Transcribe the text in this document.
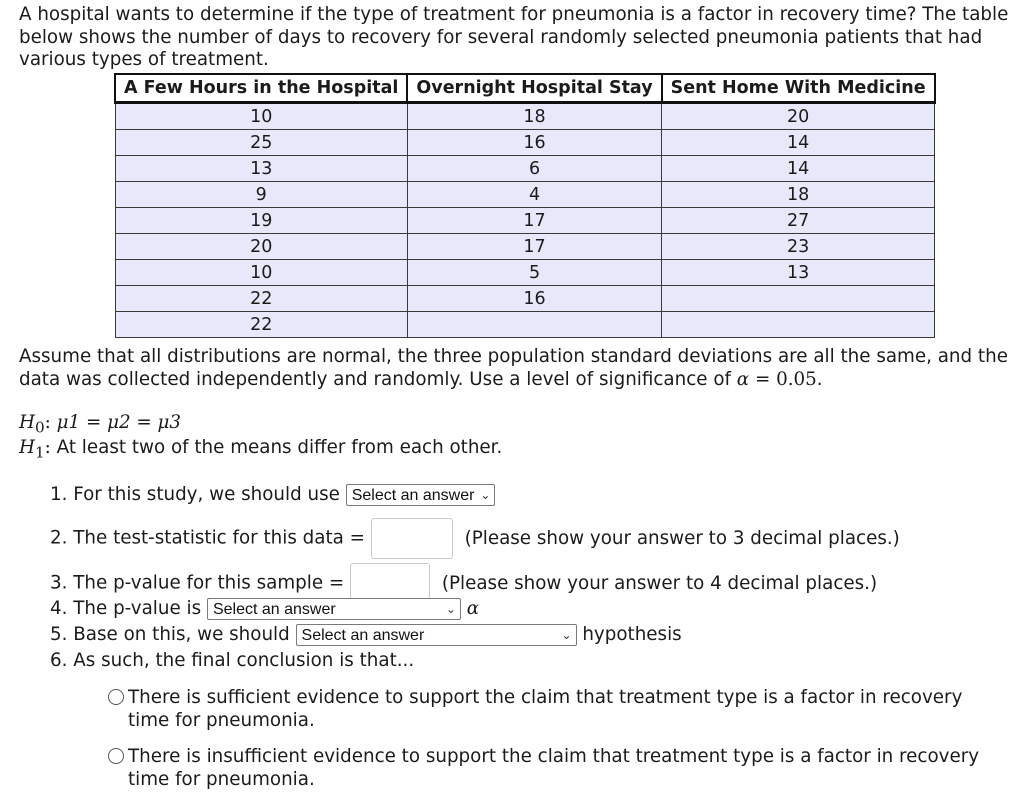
A hospital wants to determine if the type of treatment for pneumonia is a factor in recovery time? The table below shows the number of days to recovery for several randomly selected pneumonia patients that had various types of treatment.

A Few Hours in the Hospital	Overnight Hospital Stay	Sent Home With Medicine
10	18	20
25	16	14
13	6	14
9	4	18
19	17	27
20	17	23
10	5	13
22	16	
22		

Assume that all distributions are normal, the three population standard deviations are all the same, and the data was collected independently and randomly. Use a level of significance of α = 0.05.

$H_0$: μ1 = μ2 = μ3
$H_1$: At least two of the means differ from each other.
1. For this study, we should use Select an answer ⌄
2. The test-statistic for this data =	(Please show your answer to 3 decimal places.)
3. The p-value for this sample =	(Please show your answer to 4 decimal places.)
4. The p-value is Select an answer	⌄ α
5. Base on this, we should Select an answer	⌄ hypothesis
6. As such, the final conclusion is that...
There is sufficient evidence to support the claim that treatment type is a factor in recovery
time for pneumonia.
There is insufficient evidence to support the claim that treatment type is a factor in recovery
time for pneumonia.
